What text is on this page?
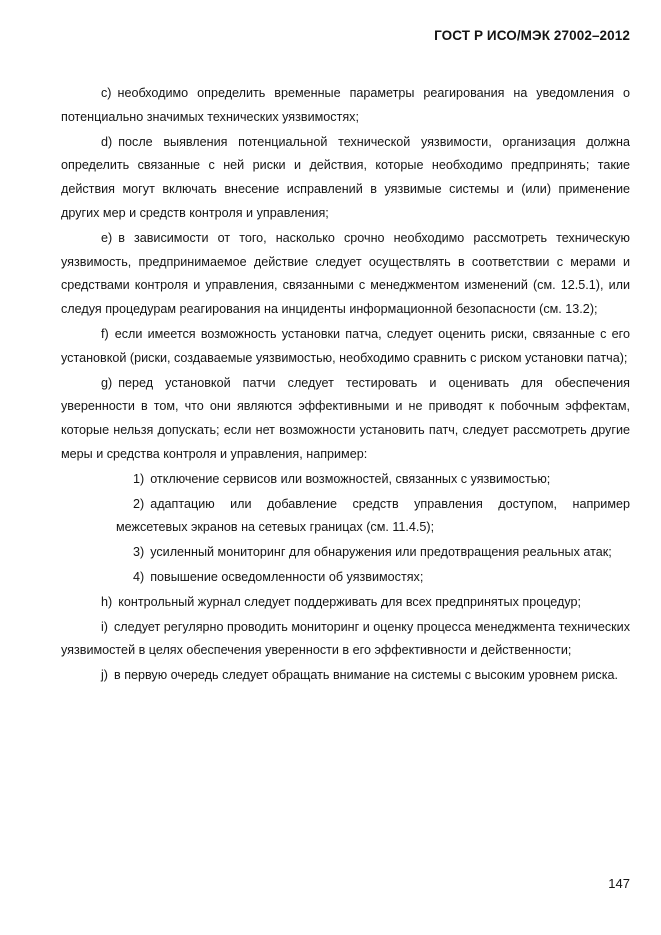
ГОСТ Р ИСО/МЭК 27002–2012

c) необходимо определить временные параметры реагирования на уведомления о потенциально значимых технических уязвимостях;

d) после выявления потенциальной технической уязвимости, организация должна определить связанные с ней риски и действия, которые необходимо предпринять; такие действия могут включать внесение исправлений в уязвимые системы и (или) применение других мер и средств контроля и управления;

e) в зависимости от того, насколько срочно необходимо рассмотреть техническую уязвимость, предпринимаемое действие следует осуществлять в соответствии с мерами и средствами контроля и управления, связанными с менеджментом изменений (см. 12.5.1), или следуя процедурам реагирования на инциденты информационной безопасности (см. 13.2);

f) если имеется возможность установки патча, следует оценить риски, связанные с его установкой (риски, создаваемые уязвимостью, необходимо сравнить с риском установки патча);

g) перед установкой патчи следует тестировать и оценивать для обеспечения уверенности в том, что они являются эффективными и не приводят к побочным эффектам, которые нельзя допускать; если нет возможности установить патч, следует рассмотреть другие меры и средства контроля и управления, например:

1) отключение сервисов или возможностей, связанных с уязвимостью;

2) адаптацию или добавление средств управления доступом, например межсетевых экранов на сетевых границах (см. 11.4.5);

3) усиленный мониторинг для обнаружения или предотвращения реальных атак;

4) повышение осведомленности об уязвимостях;

h) контрольный журнал следует поддерживать для всех предпринятых процедур;

i) следует регулярно проводить мониторинг и оценку процесса менеджмента технических уязвимостей в целях обеспечения уверенности в его эффективности и действенности;

j) в первую очередь следует обращать внимание на системы с высоким уровнем риска.

147
